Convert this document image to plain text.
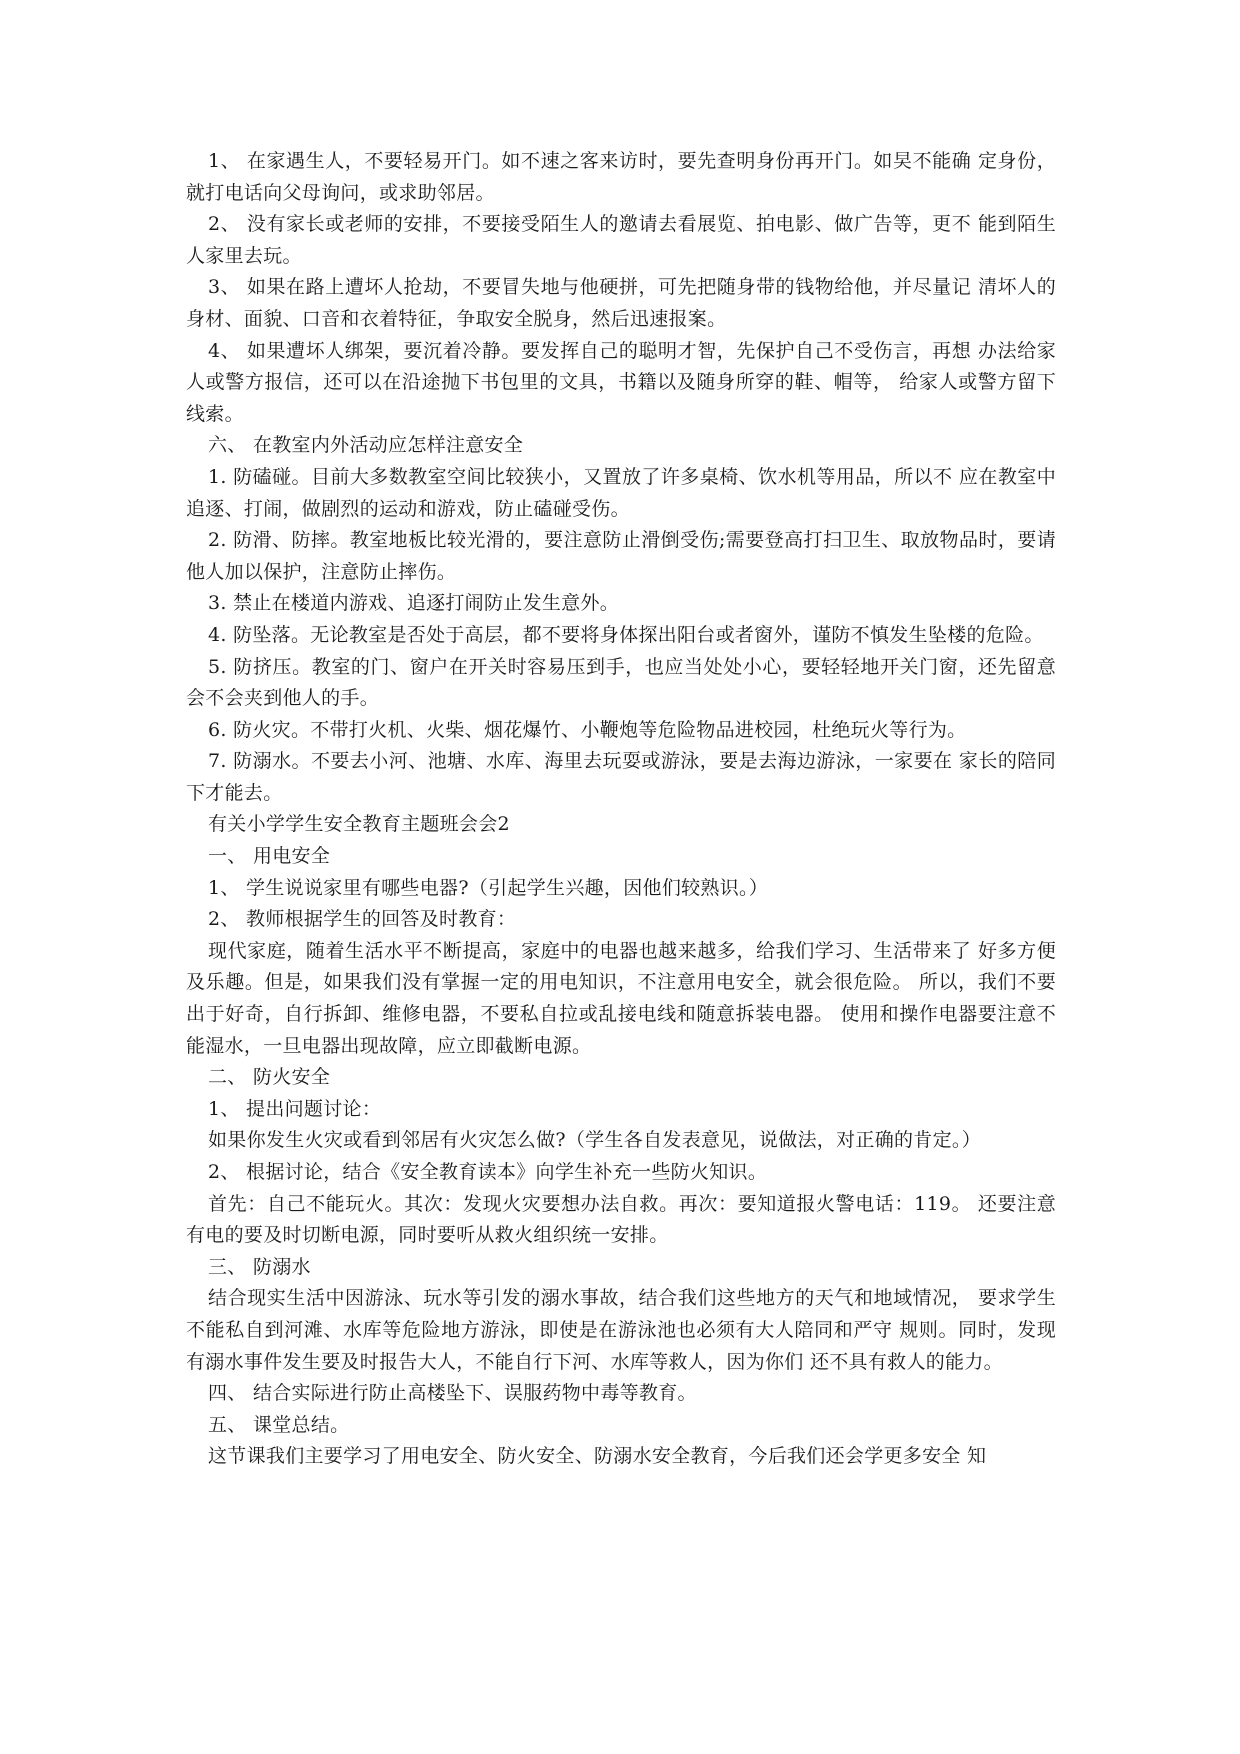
1、 在家遇生人，不要轻易开门。如不速之客来访时，要先查明身份再开门。如旲不能确 定身份，就打电话向父母询问，或求助邻居。

2、 没有家长或老师的安排，不要接受陌生人的邀请去看展览、拍电影、做广告等，更不 能到陌生人家里去玩。

3、 如果在路上遭坏人抢劫，不要冒失地与他硬拼，可先把随身带的钱物给他，并尽量记 清坏人的身材、面貌、口音和衣着特征，争取安全脱身，然后迅速报案。

4、 如果遭坏人绑架，要沉着冷静。要发挥自己的聪明才智，先保护自己不受伤言，再想 办法给家人或警方报信，还可以在沿途抛下书包里的文具，书籍以及随身所穿的鞋、帽等， 给家人或警方留下线索。

六、 在教室内外活动应怎样注意安全

1. 防磕碰。目前大多数教室空间比较狭小，又置放了许多桌椅、饮水机等用品，所以不 应在教室中追逐、打闹，做剧烈的运动和游戏，防止磕碰受伤。

2. 防滑、防摔。教室地板比较光滑的，要注意防止滑倒受伤;需要登高打扫卫生、取放物品时，要请他人加以保护，注意防止摔伤。

3. 禁止在楼道内游戏、追逐打闹防止发生意外。

4. 防坠落。无论教室是否处于高层，都不要将身体探出阳台或者窗外，谨防不慎发生坠楼的危险。

5. 防挤压。教室的门、窗户在开关时容易压到手，也应当处处小心，要轻轻地开关门窗，还先留意会不会夹到他人的手。

6. 防火灾。不带打火机、火柴、烟花爆竹、小鞭炮等危险物品进校园，杜绝玩火等行为。

7. 防溺水。不要去小河、池塘、水库、海里去玩耍或游泳，要是去海边游泳，一家要在 家长的陪同下才能去。

有关小学学生安全教育主题班会会2

一、 用电安全

1、 学生说说家里有哪些电器?（引起学生兴趣，因他们较熟识。）

2、 教师根据学生的回答及时教育：

现代家庭，随着生活水平不断提高，家庭中的电器也越来越多，给我们学习、生活带来了 好多方便及乐趣。但是，如果我们没有掌握一定的用电知识，不注意用电安全，就会很危险。 所以，我们不要出于好奇，自行拆卸、维修电器，不要私自拉或乱接电线和随意拆装电器。 使用和操作电器要注意不能湿水，一旦电器出现故障，应立即截断电源。

二、 防火安全

1、 提出问题讨论：

如果你发生火灾或看到邻居有火灾怎么做?（学生各自发表意见，说做法，对正确的肯定。）

2、 根据讨论，结合《安全教育读本》向学生补充一些防火知识。

首先：自己不能玩火。其次：发现火灾要想办法自救。再次：要知道报火警电话：119。 还要注意有电的要及时切断电源，同时要听从救火组织统一安排。

三、 防溺水

结合现实生活中因游泳、玩水等引发的溺水事故，结合我们这些地方的天气和地域情况， 要求学生不能私自到河滩、水库等危险地方游泳，即使是在游泳池也必须有大人陪同和严守 规则。同时，发现有溺水事件发生要及时报告大人，不能自行下河、水库等救人，因为你们 还不具有救人的能力。

四、 结合实际进行防止高楼坠下、误服药物中毒等教育。

五、 课堂总结。

这节课我们主要学习了用电安全、防火安全、防溺水安全教育，今后我们还会学更多安全 知
